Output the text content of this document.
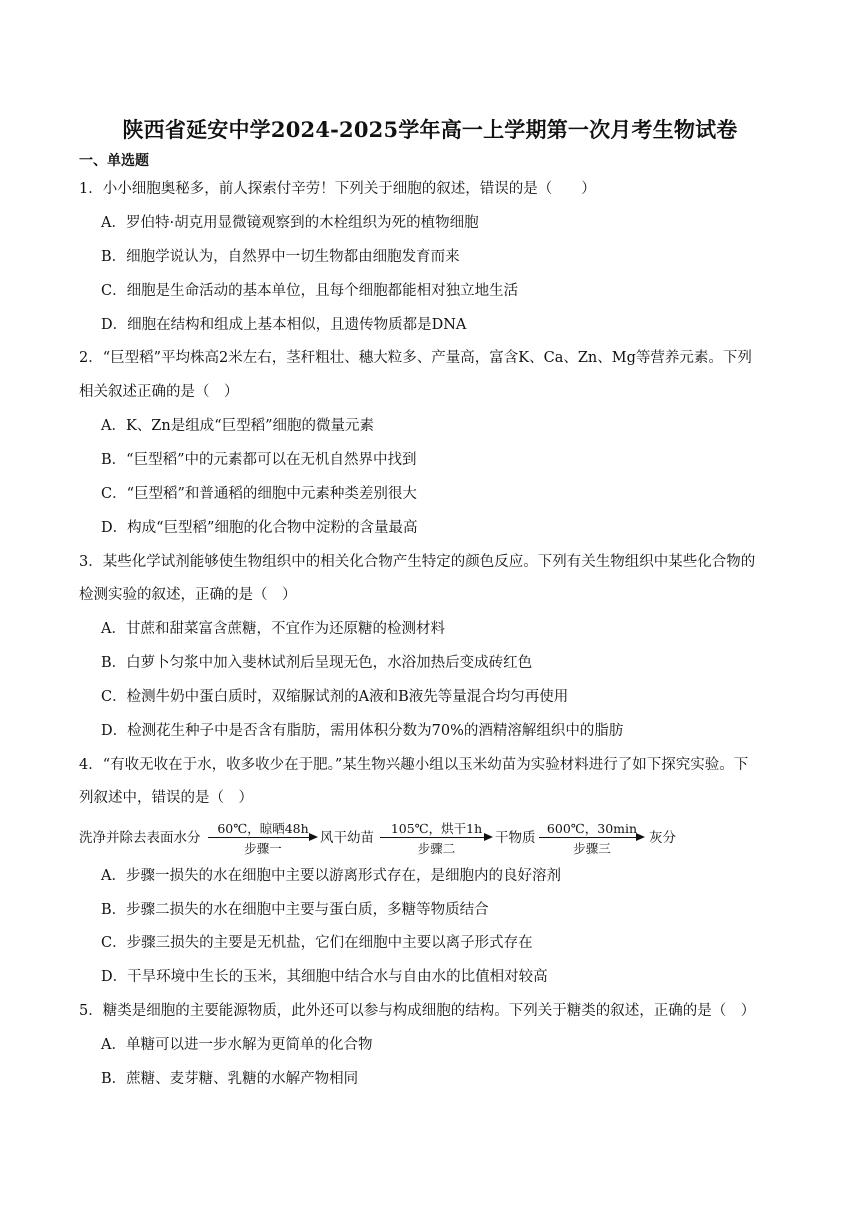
陕西省延安中学2024-2025学年高一上学期第一次月考生物试卷
一、单选题
1．小小细胞奥秘多，前人探索付辛劳！下列关于细胞的叙述，错误的是（　　）
A．罗伯特·胡克用显微镜观察到的木栓组织为死的植物细胞
B．细胞学说认为，自然界中一切生物都由细胞发育而来
C．细胞是生命活动的基本单位，且每个细胞都能相对独立地生活
D．细胞在结构和组成上基本相似，且遗传物质都是DNA
2．“巨型稻”平均株高2米左右，茎秆粗壮、穗大粒多、产量高，富含K、Ca、Zn、Mg等营养元素。下列
相关叙述正确的是（　）
A．K、Zn是组成“巨型稻”细胞的微量元素
B．“巨型稻”中的元素都可以在无机自然界中找到
C．“巨型稻”和普通稻的细胞中元素种类差别很大
D．构成“巨型稻”细胞的化合物中淀粉的含量最高
3．某些化学试剂能够使生物组织中的相关化合物产生特定的颜色反应。下列有关生物组织中某些化合物的
检测实验的叙述，正确的是（　）
A．甘蔗和甜菜富含蔗糖，不宜作为还原糖的检测材料
B．白萝卜匀浆中加入斐林试剂后呈现无色，水浴加热后变成砖红色
C．检测牛奶中蛋白质时，双缩脲试剂的A液和B液先等量混合均匀再使用
D．检测花生种子中是否含有脂肪，需用体积分数为70%的酒精溶解组织中的脂肪
4．“有收无收在于水，收多收少在于肥。”某生物兴趣小组以玉米幼苗为实验材料进行了如下探究实验。下
列叙述中，错误的是（　）
洗净并除去表面水分
60℃，晾晒48h
步骤一
风干幼苗
105℃，烘干1h
步骤二
干物质
600℃，30min
步骤三
灰分
A．步骤一损失的水在细胞中主要以游离形式存在，是细胞内的良好溶剂
B．步骤二损失的水在细胞中主要与蛋白质，多糖等物质结合
C．步骤三损失的主要是无机盐，它们在细胞中主要以离子形式存在
D．干旱环境中生长的玉米，其细胞中结合水与自由水的比值相对较高
5．糖类是细胞的主要能源物质，此外还可以参与构成细胞的结构。下列关于糖类的叙述，正确的是（　）
A．单糖可以进一步水解为更简单的化合物
B．蔗糖、麦芽糖、乳糖的水解产物相同
